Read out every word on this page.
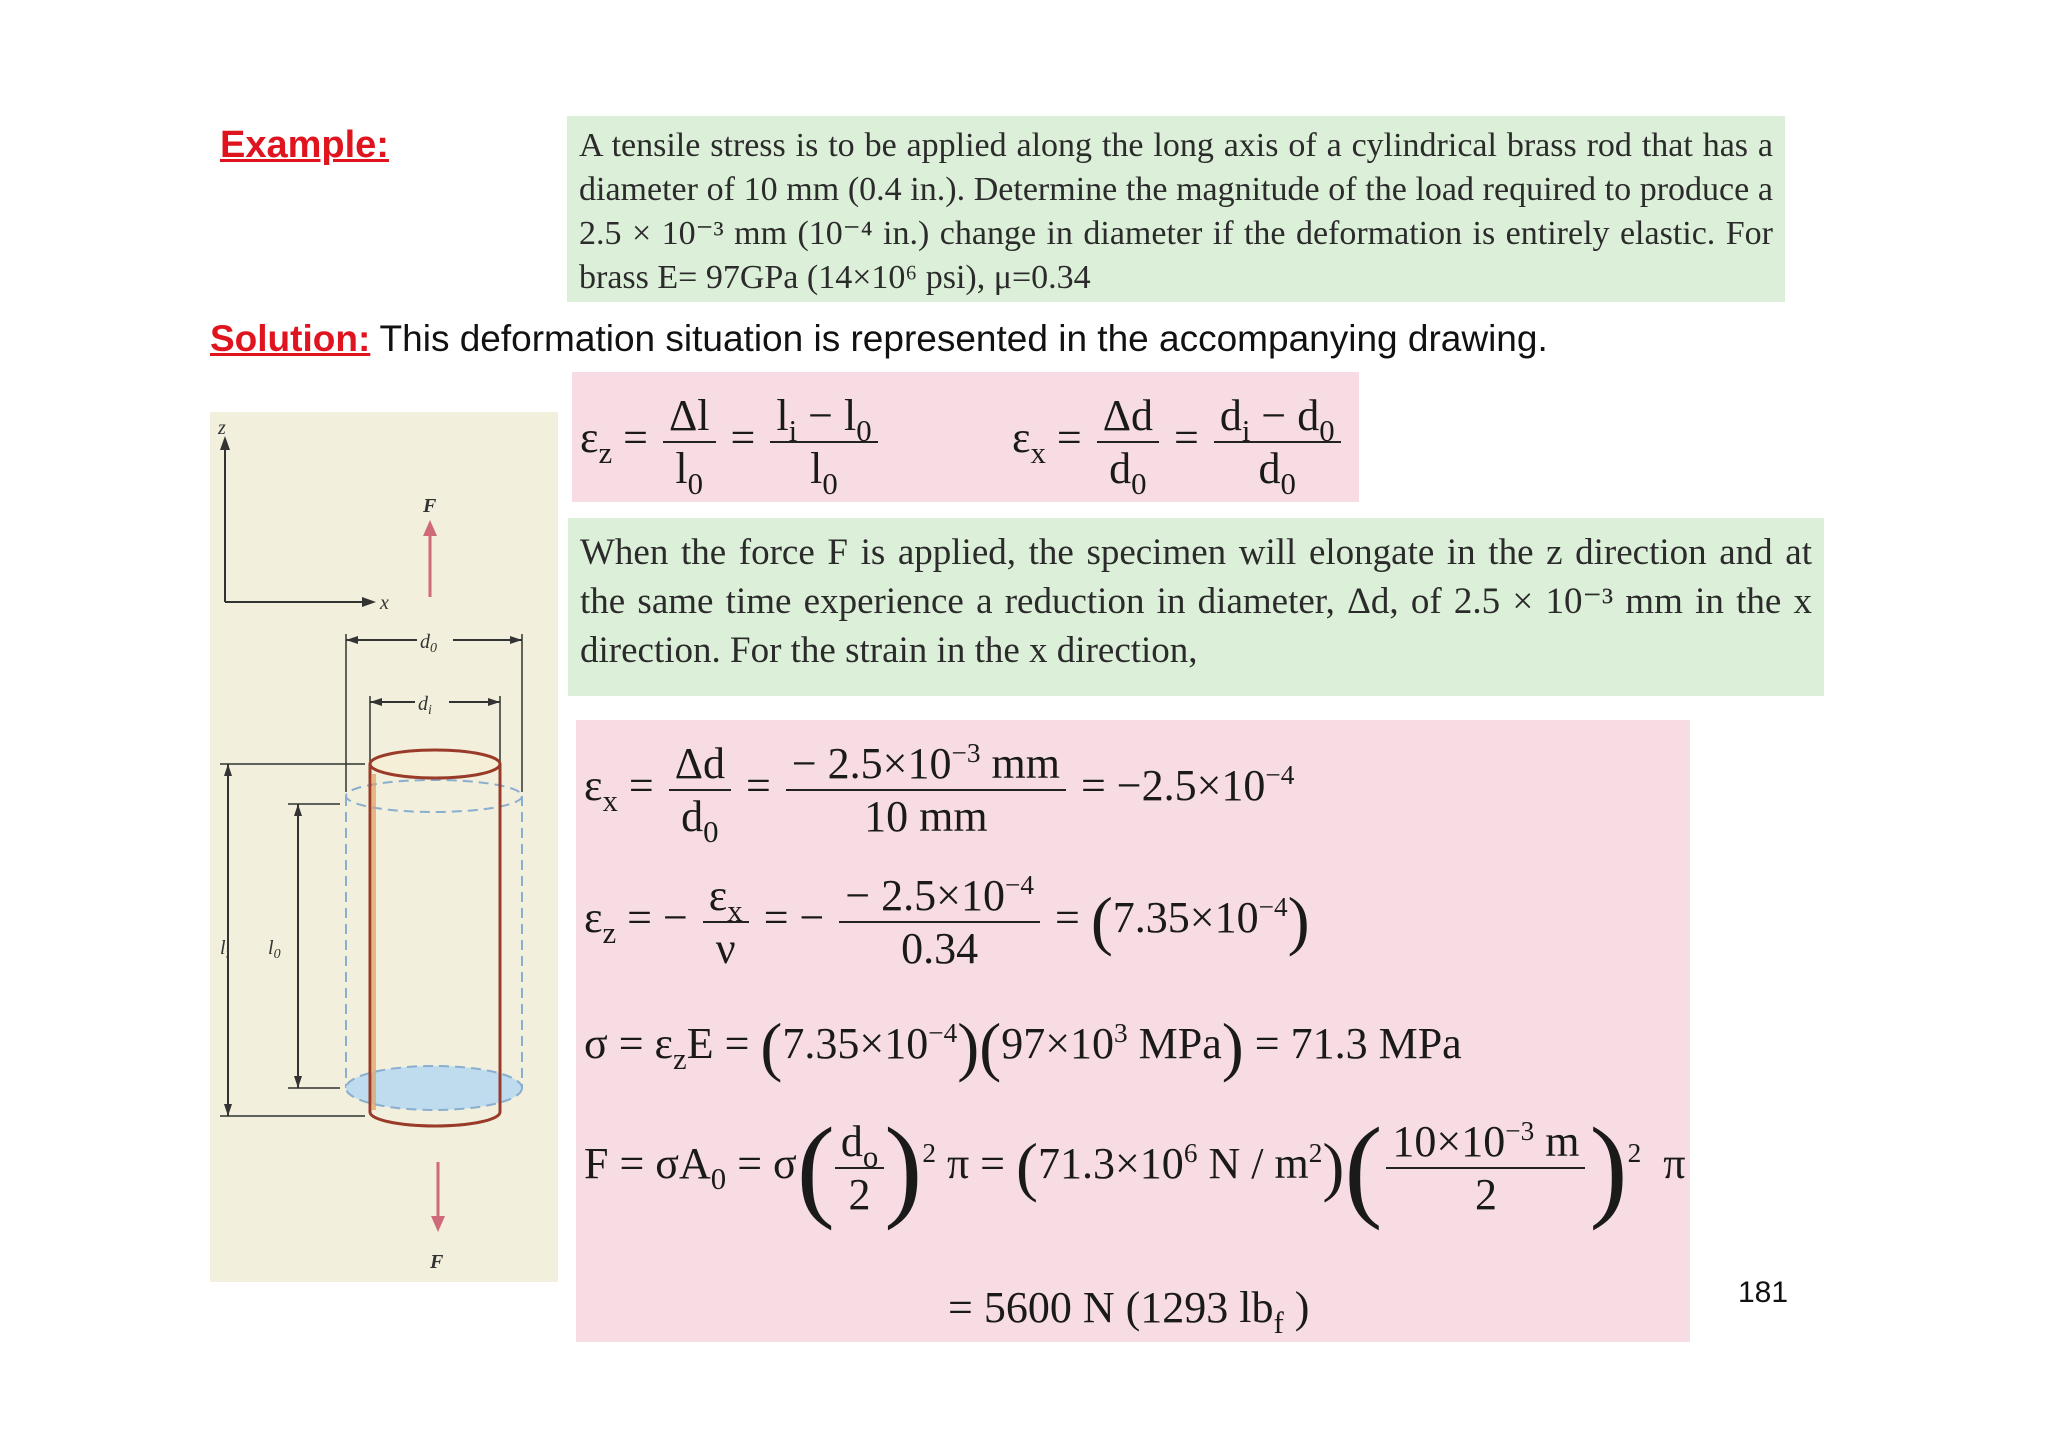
Example:	A tensile stress is to be applied along the long axis of a cylindrical brass rod that has a diameter of 10 mm (0.4 in.). Determine the magnitude of the load required to produce a 2.5 × 10⁻³ mm (10⁻⁴ in.) change in diameter if the deformation is entirely elastic. For brass E= 97GPa (14×10⁶ psi), μ=0.34
Solution: This deformation situation is represented in the accompanying drawing.
$\varepsilon_z = \frac{\Delta l}{l_0} = \frac{l_i - l_0}{l_0}$	$\varepsilon_x = \frac{\Delta d}{d_0} = \frac{d_i - d_0}{d_0}$
When the force F is applied, the specimen will elongate in the z direction and at the same time experience a reduction in diameter, Δd, of 2.5 × 10⁻³ mm in the x direction. For the strain in the x direction,
z
x
F
$d_0$
$d_i$
$l_i$ $l_0$
F
$\varepsilon_x = \frac{\Delta d}{d_0} = \frac{- 2.5\times 10^{-3} mm}{10 mm} = -2.5\times 10^{-4}$
$\varepsilon_z$ = − $\frac{\varepsilon_x}{\nu}$ = − $\frac{- 2.5\times 10^{-4}}{0.34} = (7.35\times 10^{-4})$
$\sigma = \varepsilon_zE = (7.35\times 10^{-4})(97\times 10^3$ MPa) = 71.3 MPa
$F = \sigma A_0 = \sigma( \frac{d_o}{2} )^2$ $\pi = (71.3\times 10^6$ N / $m^2)( \frac{10\times 10^{-3} m}{2} )^2$ π
= 5600 N (1293 $lb_f$ )	181
